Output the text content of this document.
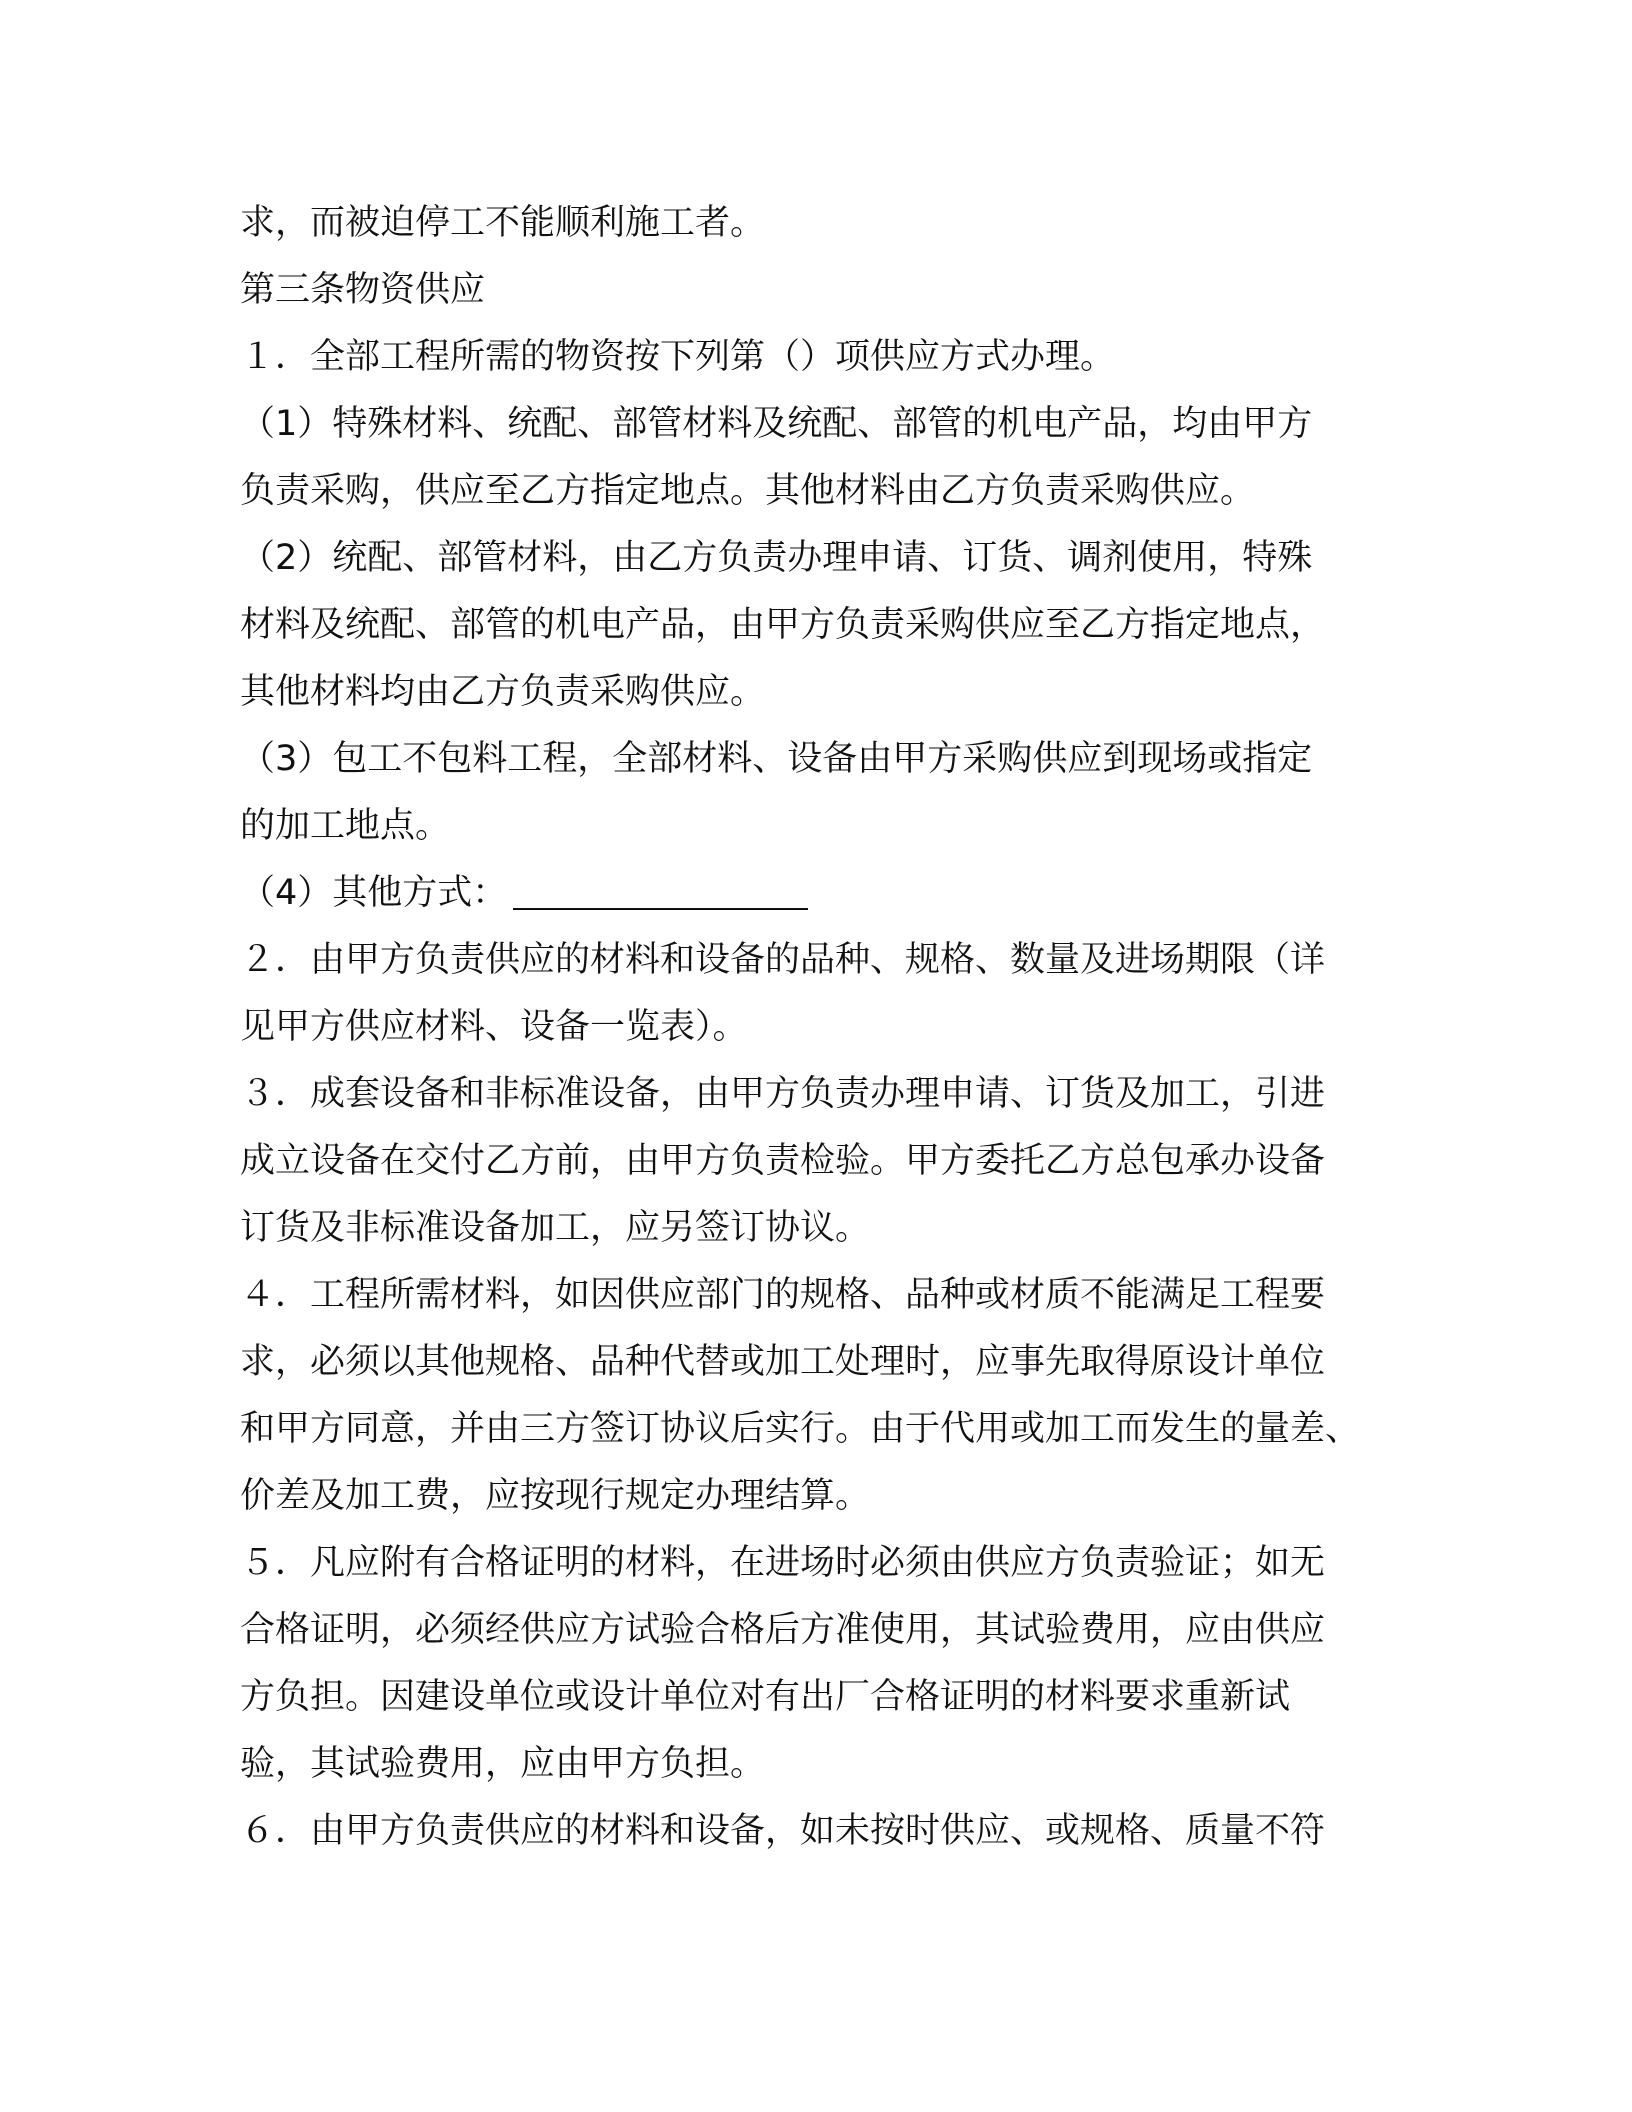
求，而被迫停工不能顺利施工者。
第三条物资供应
１．全部工程所需的物资按下列第（）项供应方式办理。
（1）特殊材料、统配、部管材料及统配、部管的机电产品，均由甲方
负责采购，供应至乙方指定地点。其他材料由乙方负责采购供应。
（2）统配、部管材料，由乙方负责办理申请、订货、调剂使用，特殊
材料及统配、部管的机电产品，由甲方负责采购供应至乙方指定地点，
其他材料均由乙方负责采购供应。
（3）包工不包料工程，全部材料、设备由甲方采购供应到现场或指定
的加工地点。
（4）其他方式：
２．由甲方负责供应的材料和设备的品种、规格、数量及进场期限（详
见甲方供应材料、设备一览表）。
３．成套设备和非标准设备，由甲方负责办理申请、订货及加工，引进
成立设备在交付乙方前，由甲方负责检验。甲方委托乙方总包承办设备
订货及非标准设备加工，应另签订协议。
４．工程所需材料，如因供应部门的规格、品种或材质不能满足工程要
求，必须以其他规格、品种代替或加工处理时，应事先取得原设计单位
和甲方同意，并由三方签订协议后实行。由于代用或加工而发生的量差、
价差及加工费，应按现行规定办理结算。
５．凡应附有合格证明的材料，在进场时必须由供应方负责验证；如无
合格证明，必须经供应方试验合格后方准使用，其试验费用，应由供应
方负担。因建设单位或设计单位对有出厂合格证明的材料要求重新试
验，其试验费用，应由甲方负担。
６．由甲方负责供应的材料和设备，如未按时供应、或规格、质量不符
